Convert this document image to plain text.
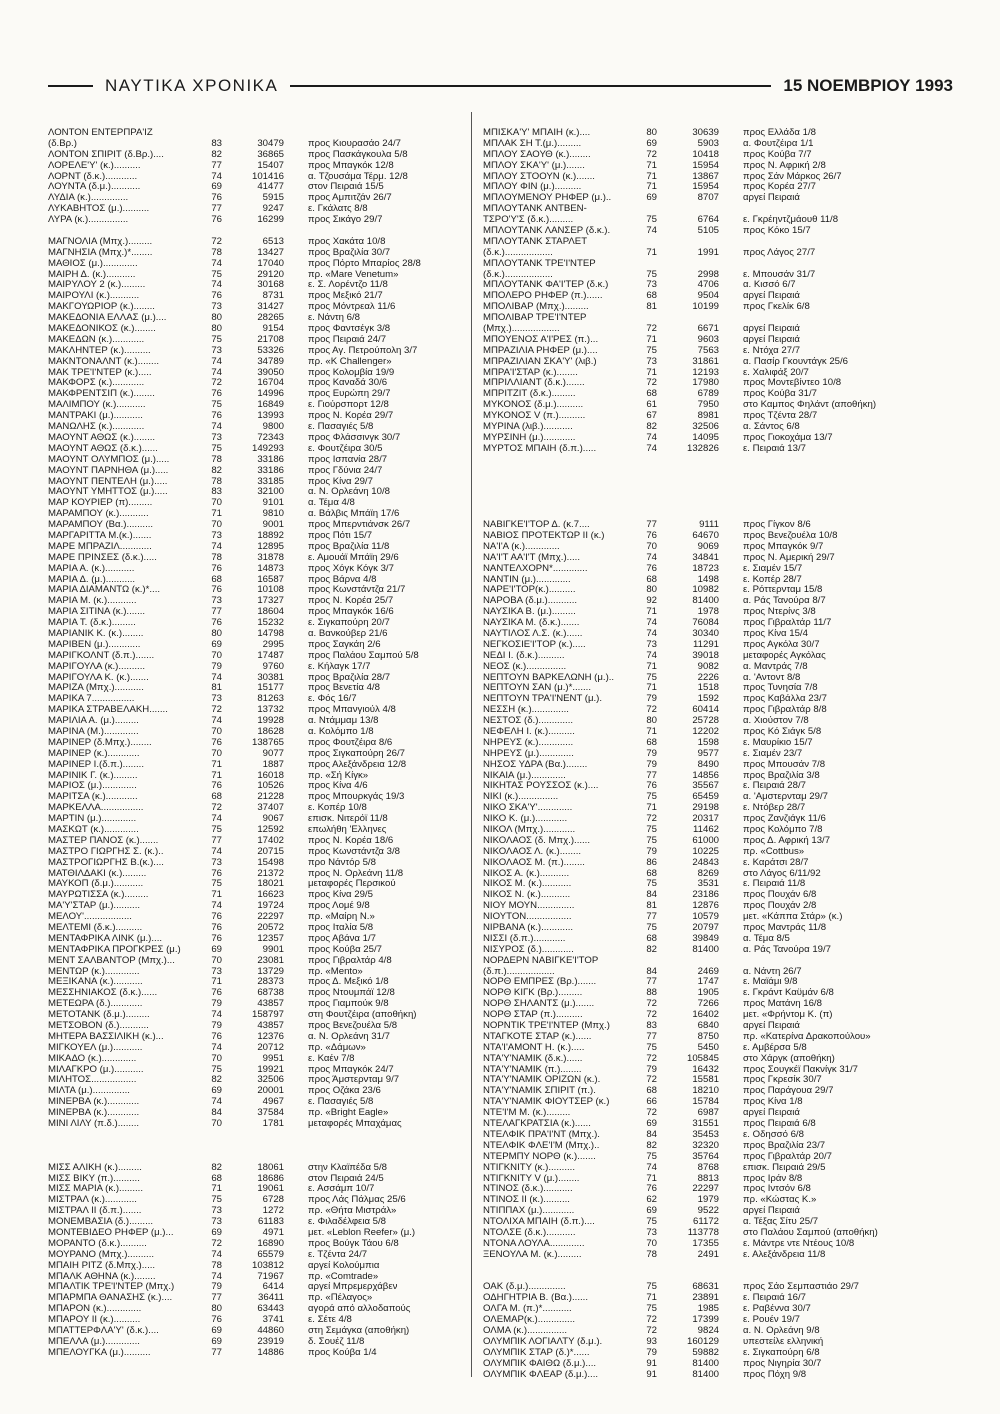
ΝΑΥΤΙΚΑ ΧΡΟΝΙΚΑ	15 ΝΟΕΜΒΡΙΟΥ 1993
ΛΟΝΤΟΝ ΕΝΤΕΡΠΡΑ'ΙΖ
(δ.Βρ.)	83	30479	προς Κιουρασάο 24/7
ΛΟΝΤΟΝ ΣΠΙΡΙΤ (δ.Βρ.)....	82	36865	προς Πασκάγκουλα 5/8
ΛΟΡΕΛΕ'Υ' (κ.)..........	77	15407	προς Μπαγκόκ 12/8
ΛΟΡΝΤ (δ.κ.)............	74	101416	α. Τζουσάμα Τέρμ. 12/8
ΛΟΥΝΤΑ (δ.μ.)...........	69	41477	στον Πειραιά 15/5
ΛΥΔΙΑ (κ.)..............	76	5915	προς Αμπιτζάν 26/7
ΛΥΚΑΒΗΤΟΣ (μ.)..........	77	9247	ε. Γκάλατς 8/8
ΛΥΡΑ (κ.)...............	76	16299	προς Σικάγο 29/7
ΜΑΓΝΟΛΙΑ (Μπχ.).........	72	6513	προς Χακάτα 10/8
ΜΑΓΝΗΣΙΑ (Μπχ.)*........	78	13427	προς Βραζιλία 30/7
ΜΑΘΙΟΣ (μ.).............	74	17040	προς Πόρτο Μπαρίος 28/8
ΜΑΙΡΗ Δ. (κ.)...........	75	29120	πρ. «Mare Venetum»
ΜΑΙΡΥΛΟΥ 2 (κ.).........	74	30168	ε. Σ. Λορέντζο 11/8
ΜΑΙΡΟΥΛΙ (κ.)...........	76	8731	προς Μεξικό 21/7
ΜΑΚΓΟΥΩΡΙΟΡ (κ.)........	73	31427	προς Μόντρεαλ 11/6
ΜΑΚΕΔΟΝΙΑ ΕΛΛΑΣ (μ.)....	80	28265	ε. Νάντη 6/8
ΜΑΚΕΔΟΝΙΚΟΣ (κ.)........	80	9154	προς Φαντσέγκ 3/8
ΜΑΚΕΔΩΝ (κ.)............	75	21708	προς Πειραιά 24/7
ΜΑΚΛΗΝΤΕΡ (κ.)..........	73	53326	προς Αγ. Πετρούπολη 3/7
ΜΑΚΝΤΟΝΑΛΝΤ (κ.)........	74	34789	πρ. «K Challenger»
ΜΑΚ ΤΡΕ'Ι'ΝΤΕΡ (κ.).....	74	39050	προς Κολομβία 19/9
ΜΑΚΦΟΡΣ (κ.)............	72	16704	προς Καναδά 30/6
ΜΑΚΦΡΕΝΤΣΙΠ (κ.)........	76	14996	προς Ευρώπη 29/7
ΜΑΛΙΜΠΟΥ (κ.)...........	75	16849	ε. Γιούρσπορτ 12/8
ΜΑΝΤΡΑΚΙ (μ.)...........	76	13993	προς Ν. Κορέα 29/7
ΜΑΝΩΛΗΣ (κ.)............	74	9800	ε. Πασαγιές 5/8
ΜΑΟΥΝΤ ΑΘΩΣ (κ.)........	73	72343	προς Φλάσσινγκ 30/7
ΜΑΟΥΝΤ ΑΘΩΣ (δ.κ.)......	75	149293	ε. Φουτζέιρα 30/5
ΜΑΟΥΝΤ ΟΛΥΜΠΟΣ (μ.).....	78	33186	προς Ισπανία 28/7
ΜΑΟΥΝΤ ΠΑΡΝΗΘΑ (μ.).....	82	33186	προς Γδύνια 24/7
ΜΑΟΥΝΤ ΠΕΝΤΕΛΗ (μ.).....	78	33185	προς Κίνα 29/7
ΜΑΟΥΝΤ ΥΜΗΤΤΟΣ (μ.).....	83	32100	α. Ν. Ορλεάνη 10/8
ΜΑΡ ΚΟΥΡΙΕΡ (π).........	70	9101	α. Τέμα 4/8
ΜΑΡΑΜΠΟΥ (κ.)...........	71	9810	α. Βάλβις Μπάϊη 17/6
ΜΑΡΑΜΠΟΥ (Βα.)..........	70	9001	προς Μπερντιάνσκ 26/7
ΜΑΡΓΑΡΙΤΤΑ Μ.(κ.).......	73	18892	προς Πότι 15/7
ΜΑΡΕ ΜΠΡΑΖΙΛ............	74	12895	προς Βραζιλία 11/8
ΜΑΡΕ ΠΡΙΝΣΕΣ (δ.κ.).....	78	31878	ε. Αμουάϊ Μπάϊη 29/6
ΜΑΡΙΑ Α. (κ.)...........	76	14873	προς Χόγκ Κόγκ 3/7
ΜΑΡΙΑ Δ. (μ.)...........	68	16587	προς Βάρνα 4/8
ΜΑΡΙΑ ΔΙΑΜΑΝΤΩ (κ.)*....	76	10108	προς Κωνστάντζα 21/7
ΜΑΡΙΑ Μ. (κ.)...........	73	17327	προς Ν. Κορέα 25/7
ΜΑΡΙΑ ΣΙΤΙΝΑ (κ.).......	77	18604	προς Μπαγκόκ 16/6
ΜΑΡΙΑ Τ. (δ.κ.).........	76	15232	ε. Σιγκαπούρη 20/7
ΜΑΡΙΑΝΙΚ Κ. (κ.)........	80	14798	α. Βανκούβερ 21/6
ΜΑΡΙΒΕΝ (μ.)............	69	2995	προς Σαγκάη 2/6
ΜΑΡΙΓΚΟΛΝΤ (δ.π.).......	70	17487	προς Παλάου Σαμπού 5/8
ΜΑΡΙΓΟΥΛΑ (κ.)..........	79	9760	ε. Κήλαγκ 17/7
ΜΑΡΙΓΟΥΛΑ Κ. (κ.).......	74	30381	προς Βραζιλία 28/7
ΜΑΡΙΖΑ (Μπχ.)...........	81	15177	προς Βενετία 4/8
ΜΑΡΙΚΑ 7................	73	81263	ε. Φός 16/7
ΜΑΡΙΚΑ ΣΤΡΑΒΕΛΑΚΗ.......	72	13732	προς Μπανγιούλ 4/8
ΜΑΡΙΛΙΑ Α. (μ.).........	74	19928	α. Ντάμμαμ 13/8
ΜΑΡΙΝΑ (Μ.).............	70	18628	α. Κολόμπο 1/8
ΜΑΡΙΝΕΡ (δ.Μπχ.)........	76	138765	προς Φουτζέιρα 8/6
ΜΑΡΙΝΕΡ (κ.)............	70	9077	προς Σιγκαπούρη 26/7
ΜΑΡΙΝΕΡ Ι.(δ.π.)........	71	1887	προς Αλεξάνδρεια 12/8
ΜΑΡΙΝΙΚ Γ. (κ.).........	71	16018	πρ. «Σή Κίγκ»
ΜΑΡΙΟΣ (μ.).............	76	10526	προς Κίνα 4/6
ΜΑΡΙΤΣΑ (κ.)............	68	21228	προς Μπουρκγάς 19/3
ΜΑΡΚΕΛΛΑ................	72	37407	ε. Κοπέρ 10/8
ΜΑΡΤΙΝ (μ.).............	74	9067	επισκ. Νιτερόϊ 11/8
ΜΑΣΚΩΤ (κ.).............	75	12592	επωλήθη 'Ελληνες
ΜΑΣΤΕΡ ΠΑΝΟΣ (κ.).......	77	17402	προς Ν. Κορέα 18/6
ΜΑΣΤΡΟ ΓΙΩΡΓΗΣ Σ. (κ.)..	74	20715	προς Κωνστάντζα 3/8
ΜΑΣΤΡΟΓΙΩΡΓΗΣ Β.(κ.)....	73	15498	προ Νάντόρ 5/8
ΜΑΤΘΙΛΔΑΚΙ (κ.).........	76	21372	προς Ν. Ορλεάνη 11/8
ΜΑΥΚΟΠ (δ.μ.)...........	75	18021	μεταφορές Περσικού
ΜΑΥΡΩΤΙΣΣΑ (κ.).........	71	16623	προς Κίνα 29/5
ΜΑ'Υ'ΣΤΑΡ (μ.)..........	74	19724	προς Λομέ 9/8
ΜΕΛΟΥ'..................	76	22297	πρ. «Μαίρη Ν.»
ΜΕΛΤΕΜΙ (δ.κ.)..........	76	20572	προς Ιταλία 5/8
ΜΕΝΤΑΦΡΙΚΑ ΛΙΝΚ (μ.)....	76	12357	προς Αβάνα 1/7
ΜΕΝΤΑΦΡΙΚΑ ΠΡΟΓΚΡΕΣ (μ.)	69	9901	προς Κούβα 25/7
ΜΕΝΤ ΣΑΛΒΑΝΤΟΡ (Μπχ.)...	70	23081	προς Γιβραλτάρ 4/8
ΜΕΝΤΩΡ (κ.).............	73	13729	πρ. «Mento»
ΜΕΞΙΚΑΝΑ (κ.)...........	71	28373	προς Δ. Μεξικό 1/8
ΜΕΣΣΗΝΙΑΚΟΣ (δ.κ.)......	76	68738	προς Ντουμπάϊ 12/8
ΜΕΤΕΩΡΑ (δ.)............	79	43857	προς Γιαμπούκ 9/8
ΜΕΤΟΤΑΝΚ (δ.μ.).........	74	158797	στη Φουτζέιρα (αποθήκη)
ΜΕΤΣΟΒΟΝ (δ.)...........	79	43857	προς Βενεζουέλα 5/8
ΜΗΤΕΡΑ ΒΑΣΣΙΛΙΚΗ (κ.)...	76	12376	α. Ν. Ορλεάνη 31/7
ΜΙΓΚΟΥΕΛ (μ.)...........	74	20712	πρ. «Δάμων»
ΜΙΚΑΔΟ (κ.).............	70	9951	ε. Καέν 7/8
ΜΙΛΑΓΚΡΟ (μ.)...........	75	19921	προς Μπαγκόκ 24/7
ΜΙΛΗΤΟΣ.................	82	32506	προς Άμστερνταμ 9/7
ΜΙΛΤΑ (μ.)..............	69	20001	προς Οζάκα 23/6
ΜΙΝΕΡΒΑ (κ.)............	74	4967	ε. Πασαγιές 5/8
ΜΙΝΕΡΒΑ (κ.)............	84	37584	πρ. «Bright Eagle»
ΜΙΝΙ ΛΙΛΥ (π.δ.)........	70	1781	μεταφορές Μπαχάμας
ΜΙΣΣ ΑΛΙΚΗ (κ.).........	82	18061	στην Κλαϊπέδα 5/8
ΜΙΣΣ ΒΙΚΥ (π.)..........	68	18686	στον Πειραιά 24/5
ΜΙΣΣ ΜΑΡΙΑ (κ.).........	71	19061	ε. Ασσάμπ 10/7
ΜΙΣΤΡΑΛ (κ.)............	75	6728	προς Λάς Πάλμας 25/6
ΜΙΣΤΡΑΛ ΙΙ (δ.π.).......	73	1272	πρ. «Θήτα Μιστράλ»
ΜΟΝΕΜΒΑΣΙΑ (δ.).........	73	61183	ε. Φιλαδέλφεια 5/8
ΜΟΝΤΕΒΙΔΕΟ ΡΗΦΕΡ (μ.)...	69	4971	μετ. «Leblon Reefer» (μ.)
ΜΟΡΑΝΤΟ (δ.κ.)..........	72	16890	προς Βούγκ Τάου 6/8
ΜΟΥΡΑΝΟ (Μπχ.)..........	74	65579	ε. Τζέντα 24/7
ΜΠΑΙΗ ΡΙΤΖ (δ.Μπχ.).....	78	103812	αργεί Κολούμπια
ΜΠΑΛΚ ΑΘΗΝΑ (κ.)........	74	71967	πρ. «Comtrade»
ΜΠΑΛΤΙΚ ΤΡΕ'Ι'ΝΤΕΡ (Μπχ.)	79	6414	αργεί Μπρεμερχάβεν
ΜΠΑΡΜΠΑ ΘΑΝΑΣΗΣ (κ.)....	77	36411	πρ. «Πέλαγος»
ΜΠΑΡΟΝ (κ.).............	80	63443	αγορά από αλλοδαπούς
ΜΠΑΡΟΥ ΙΙ (κ.)..........	76	3741	ε. Σέτε 4/8
ΜΠΑΤΤΕΡΦΛΑ'Υ' (δ.κ.)....	69	44860	στη Σεμάγκα (αποθήκη)
ΜΠΕΛΛΑ (μ.).............	69	23919	δ. Σουέζ 11/8
ΜΠΕΛΟΥΓΚΑ (μ.)..........	77	14886	προς Κούβα 1/4
ΜΠΙΣΚΑ'Υ' ΜΠΑΙΗ (κ.)....	80	30639	προς Ελλάδα 1/8
ΜΠΛΑΚ ΣΗ Τ.(μ.).........	69	5903	α. Φουτζέιρα 1/1
ΜΠΛΟΥ ΣΑΟΥΘ (κ.)........	72	10418	προς Κούβα 7/7
ΜΠΛΟΥ ΣΚΑ'Υ' (μ.).......	71	15954	προς Ν. Αφρική 2/8
ΜΠΛΟΥ ΣΤΟΟΥΝ (κ.).......	71	13867	προς Σάν Μάρκος 26/7
ΜΠΛΟΥ ΦΙΝ (μ.)..........	71	15954	προς Κορέα 27/7
ΜΠΛΟΥΜΕΝΟΥ ΡΗΦΕΡ (μ.)..	69	8707	αργεί Πειραιά
ΜΠΛΟΥΤΑΝΚ ΑΝΤΒΕΝ-
ΤΣΡΟ'Υ'Σ (δ.κ.).........	75	6764	ε. Γκρέηντζμάουθ 11/8
ΜΠΛΟΥΤΑΝΚ ΛΑΝΣΕΡ (δ.κ.).	74	5105	προς Κόκο 15/7
ΜΠΛΟΥΤΑΝΚ ΣΤΑΡΛΕΤ
(δ.κ.)..................	71	1991	προς Λάγος 27/7
ΜΠΛΟΥΤΑΝΚ ΤΡΕ'Ι'ΝΤΕΡ
(δ.κ.)..................	75	2998	ε. Μπουσάν 31/7
ΜΠΛΟΥΤΑΝΚ ΦΑ'Ι'ΤΕΡ (δ.κ.)	73	4706	α. Κισσό 6/7
ΜΠΟΛΕΡΟ ΡΗΦΕΡ (π.)......	68	9504	αργεί Πειραιά
ΜΠΟΛΙΒΑΡ (Μπχ.).........	81	10199	προς Γκελίκ 6/8
ΜΠΟΛΙΒΑΡ ΤΡΕ'Ι'ΝΤΕΡ
(Μπχ.)..................	72	6671	αργεί Πειραιά
ΜΠΟΥΕΝΟΣ Α'Ι'ΡΕΣ (π.)...	71	9603	αργεί Πειραιά
ΜΠΡΑΖΙΛΙΑ ΡΗΦΕΡ (μ.)....	75	7563	ε. Ντόχα 27/7
ΜΠΡΑΖΙΛΙΑΝ ΣΚΑ'Υ' (λιβ.)	73	31861	α. Πασίρ Γκουντάγκ 25/6
ΜΠΡΑ'Ι'ΣΤΑΡ (κ.)........	71	12193	ε. Χαλιφάξ 20/7
ΜΠΡΙΛΛΙΑΝΤ (δ.κ.).......	72	17980	προς Μοντεβίντεο 10/8
ΜΠΡΙΤΖΙΤ (δ.κ.).........	68	6789	προς Κούβα 31/7
ΜΥΚΟΝΟΣ (δ.μ.)..........	61	7950	στο Καμπος Φηλάντ (αποθήκη)
ΜΥΚΟΝΟΣ V (π.)..........	67	8981	προς Τζέντα 28/7
ΜΥΡΙΝΑ (λιβ.)...........	82	32506	α. Σάντος 6/8
ΜΥΡΣΙΝΗ (μ.)............	74	14095	προς Γιοκοχάμα 13/7
ΜΥΡΤΟΣ ΜΠΑΙΗ (δ.π.).....	74	132826	ε. Πειραιά 13/7
ΝΑΒΙΓΚΕ'Ι'ΤΟΡ Δ. (κ.7....	77	9111	προς Γίγκον 8/6
ΝΑΒΙΟΣ ΠΡΟΤΕΚΤΩΡ ΙΙ (κ.)	76	64670	προς Βενεζουέλα 10/8
ΝΑ'Ι'Α (κ.).............	70	9069	προς Μπαγκόκ 9/7
ΝΑ'Ι'Τ ΑΑ'Ι'Τ (Μπχ.).....	74	34841	προς Ν. Αμερική 29/7
ΝΑΝΤΕΛΧΟΡΝ*.............	76	18723	ε. Σιαμέν 15/7
ΝΑΝΤΙΝ (μ.).............	68	1498	ε. Κοπέρ 28/7
ΝΑΡΕ'Ι'ΤΟΡ(κ.)..........	80	10982	ε. Ρόττερνταμ 15/8
ΝΑΡΟΒΑ (δ.μ.)...........	92	81400	α. Ράς Τανούρα 8/7
ΝΑΥΣΙΚΑ Β. (μ.).........	71	1978	προς Ντερίνς 3/8
ΝΑΥΣΙΚΑ Μ. (δ.κ.).......	74	76084	προς Γιβραλτάρ 11/7
ΝΑΥΤΙΛΟΣ Λ.Σ. (κ.)......	74	30340	προς Κίνα 15/4
ΝΕΓΚΟΣΙΕ'Ι'ΤΟΡ (κ.).....	73	11291	προς Αγκόλα 30/7
ΝΕΔΙ Ι. (δ.κ.)..........	74	39018	μεταφορές Αγκόλας
ΝΕΟΣ (κ.)...............	71	9082	α. Μαντράς 7/8
ΝΕΠΤΟΥΝ ΒΑΡΚΕΛΩΝΗ (μ.)..	75	2226	α. 'Αντοντ 8/8
ΝΕΠΤΟΥΝ ΣΑΝ (μ.)*.......	71	1518	προς Τυνησία 7/8
ΝΕΠΤΟΥΝ ΤΡΑ'Ι'ΝΕΝΤ (μ.).	79	1592	προς Καβάλλα 23/7
ΝΕΣΣΗ (κ.)..............	72	60414	προς Γιβραλτάρ 8/8
ΝΕΣΤΟΣ (δ.).............	80	25728	α. Χιούστον 7/8
ΝΕΦΕΛΗ Ι. (κ.)..........	71	12202	προς Κό Σιάγκ 5/8
ΝΗΡΕΥΣ (κ.).............	68	1598	ε. Μαυρίκιο 15/7
ΝΗΡΕΥΣ (μ.).............	79	9577	ε. Σιαμέν 23/7
ΝΗΣΟΣ ΥΔΡΑ (Βα.)........	79	8490	προς Μπουσάν 7/8
ΝΙΚΑΙΑ (μ.).............	77	14856	προς Βραζιλία 3/8
ΝΙΚΗΤΑΣ ΡΟΥΣΣΟΣ (κ.)....	76	35567	ε. Πειραιά 28/7
ΝΙΚΙ (κ.)...............	75	65459	α. 'Αμστερνταμ 29/7
ΝΙΚΟ ΣΚΑ'Υ'.............	71	29198	ε. Ντόβερ 28/7
ΝΙΚΟ Κ. (μ.)............	72	20317	προς Ζανζιάγκ 11/6
ΝΙΚΟΛ (Μπχ.)............	75	11462	προς Κολόμπο 7/8
ΝΙΚΟΛΑΟΣ (δ. Μπχ.)......	75	61000	προς Δ. Αφρική 13/7
ΝΙΚΟΛΑΟΣ Λ. (κ.)........	79	10225	πρ. «Cottbus»
ΝΙΚΟΛΑΟΣ Μ. (π.)........	86	24843	ε. Καράτσι 28/7
ΝΙΚΟΣ Α. (κ.)...........	68	8269	στο Λάγος 6/11/92
ΝΙΚΟΣ Μ. (κ.)...........	75	3531	ε. Πειραιά 11/8
ΝΙΚΟΣ Ν. (κ.)...........	84	23186	προς Πουχάν 6/8
ΝΙΟΥ ΜΟΥΝ..............	81	12876	προς Πουχάν 2/8
ΝΙΟΥΤΟΝ.................	77	10579	μετ. «Κάππα Στάρ» (κ.)
ΝΙΡΒΑΝΑ (κ.)............	75	20797	προς Μαντράς 11/8
ΝΙΣΣΙ (δ.π.)............	68	39849	α. Τέμα 8/5
ΝΙΣΥΡΟΣ (δ.)............	82	81400	α. Ράς Τανούρα 19/7
ΝΟΡΔΕΡΝ ΝΑΒΙΓΚΕ'Ι'ΤΟΡ
(δ.π.)..................	84	2469	α. Νάντη 26/7
ΝΟΡΘ ΕΜΠΡΕΣ (Βρ.).......	77	1747	ε. Μαϊάμι 9/8
ΝΟΡΘ ΚΙΓΚ (Βρ.).........	88	1905	ε. Γκράντ Καϋμάν 6/8
ΝΟΡΘ ΣΗΛΑΝΤΣ (μ.).......	72	7266	προς Ματάνη 16/8
ΝΟΡΘ ΣΤΑΡ (π.)..........	72	16402	μετ. «Φρήντομ Κ. (π)
ΝΟΡΝΤΙΚ ΤΡΕ'Ι'ΝΤΕΡ (Μπχ.)	83	6840	αργεί Πειραιά
ΝΤΑΓΚΟΤΕ ΣΤΑΡ (κ.)......	77	8750	πρ. «Κατερίνα Δρακοπούλου»
ΝΤΑ'Ι'ΑΜΟΝΤ Η. (κ.).....	75	5450	ε. Αμβέρσα 5/8
ΝΤΑ'Υ'ΝΑΜΙΚ (δ.κ.)......	72	105845	στο Χάργκ (αποθήκη)
ΝΤΑ'Υ'ΝΑΜΙΚ (π.)........	79	16432	προς Σουγκέϊ Πακνίγκ 31/7
ΝΤΑ'Υ'ΝΑΜΙΚ ΟΡΙΖΩΝ (κ.).	72	15581	προς Γκρεσίκ 30/7
ΝΤΑ'Υ'ΝΑΜΙΚ ΣΠΙΡΙΤ (π.).	68	18210	προς Παράγουα 29/7
ΝΤΑ'Υ'ΝΑΜΙΚ ΦΙΟΥΤΣΕΡ (κ.)	66	15784	προς Κίνα 1/8
ΝΤΕ'Ι'Μ Μ. (κ.).........	72	6987	αργεί Πειραιά
ΝΤΕΛΑΓΚΡΑΤΣΙΑ (κ.)......	69	31551	προς Πειραιά 6/8
ΝΤΕΛΦΙΚ ΠΡΑ'Ι'ΝΤ (Μπχ.).	84	35453	ε. Οδησσό 6/8
ΝΤΕΛΦΙΚ ΦΛΕ'Ι'Μ (Μπχ.)..	82	32320	προς Βραζιλία 23/7
ΝΤΕΡΜΠΥ ΝΟΡΘ (κ.).......	75	35764	προς Γιβραλτάρ 20/7
ΝΤΙΓΚΝΙΤΥ (κ.)..........	74	8768	επισκ. Πειραιά 29/5
ΝΤΙΓΚΝΙΤΥ V (μ.)........	71	8813	προς Ιράν 8/8
ΝΤΙΝΟΣ (δ.κ.)...........	76	22297	προς Ιντσόν 6/8
ΝΤΙΝΟΣ ΙΙ (κ.)..........	62	1979	πρ. «Κώστας Κ.»
ΝΤΙΠΠΑΧ (μ.)............	69	9522	αργεί Πειραιά
ΝΤΟΛΙΧΑ ΜΠΑΙΗ (δ.π.)....	75	61172	α. Τέξας Σίτυ 25/7
ΝΤΟΛΣΕ (δ.κ.)...........	73	113778	στο Παλάου Σαμπού (αποθήκη)
ΝΤΟΝΑ ΛΟΥΛΑ.............	70	17355	ε. Μάντρε ντε Ντέους 10/8
ΞΕΝΟΥΛΑ Μ. (κ.).........	78	2491	ε. Αλεξάνδρεια 11/8
ΟΑΚ (δ.μ.)..............	75	68631	προς Σάο Σεμπαστιάο 29/7
ΟΔΗΓΗΤΡΙΑ Β. (Βα.)......	71	23891	ε. Πειραιά 16/7
ΟΛΓΑ Μ. (π.)*...........	75	1985	ε. Ραβέννα 30/7
ΟΛΕΜΑΡ(κ.)..............	72	17399	ε. Ρουέν 19/7
ΟΛΜΑ (κ.)...............	72	9824	α. Ν. Ορλεάνη 9/8
ΟΛΥΜΠΙΚ ΛΟΓΙΑΛΤΥ (δ.μ.).	93	160129	υπεστείλε ελληνική
ΟΛΥΜΠΙΚ ΣΤΑΡ (δ.)*......	79	59882	ε. Σιγκαπούρη 6/8
ΟΛΥΜΠΙΚ ΦΑΙΘΩ (δ.μ.)....	91	81400	προς Νιγηρία 30/7
ΟΛΥΜΠΙΚ ΦΛΕΑΡ (δ.μ.)....	91	81400	προς Πόχη 9/8
